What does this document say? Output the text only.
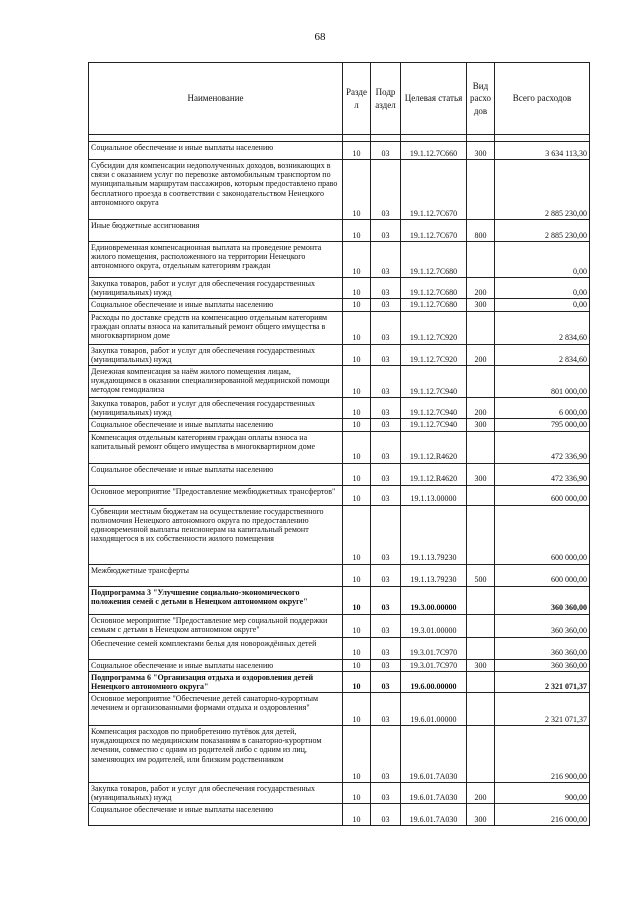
68
Наименование	Разде л	Подр аздел	Целевая статья	Вид расхо дов	Всего расходов

Социальное обеспечение и иные выплаты населению	10	03	19.1.12.7С660	300	3 634 113,30
Субсидии для компенсации недополученных доходов, возникающих в связи с оказанием услуг по перевозке автомобильным транспортом по муниципальным маршрутам пассажиров, которым предоставлено право бесплатного проезда в соответствии с законодательством Ненецкого автономного округа	10	03	19.1.12.7С670		2 885 230,00
Иные бюджетные ассигнования	10	03	19.1.12.7С670	800	2 885 230,00
Единовременная компенсационная выплата на проведение ремонта жилого помещения, расположенного на территории Ненецкого автономного округа, отдельным категориям граждан	10	03	19.1.12.7С680		0,00
Закупка товаров, работ и услуг для обеспечения государственных (муниципальных) нужд	10	03	19.1.12.7С680	200	0,00
Социальное обеспечение и иные выплаты населению	10	03	19.1.12.7С680	300	0,00
Расходы по доставке средств на компенсацию отдельным категориям граждан оплаты взноса на капитальный ремонт общего имущества в многоквартирном доме	10	03	19.1.12.7С920		2 834,60
Закупка товаров, работ и услуг для обеспечения государственных (муниципальных) нужд	10	03	19.1.12.7С920	200	2 834,60
Денежная компенсация за наём жилого помещения лицам, нуждающимся в оказании специализированной медицинской помощи методом гемодиализа	10	03	19.1.12.7С940		801 000,00
Закупка товаров, работ и услуг для обеспечения государственных (муниципальных) нужд	10	03	19.1.12.7С940	200	6 000,00
Социальное обеспечение и иные выплаты населению	10	03	19.1.12.7С940	300	795 000,00
Компенсация отдельным категориям граждан оплаты взноса на капитальный ремонт общего имущества в многоквартирном доме	10	03	19.1.12.R4620		472 336,90
Социальное обеспечение и иные выплаты населению	10	03	19.1.12.R4620	300	472 336,90
Основное мероприятие "Предоставление межбюджетных трансфертов"	10	03	19.1.13.00000		600 000,00
Субвенции местным бюджетам на осуществление государственного полномочия Ненецкого автономного округа по предоставлению единовременной выплаты пенсионерам на капитальный ремонт находящегося в их собственности жилого помещения	10	03	19.1.13.79230		600 000,00
Межбюджетные трансферты	10	03	19.1.13.79230	500	600 000,00
Подпрограмма 3 "Улучшение социально-экономического положения семей с детьми в Ненецком автономном округе"	10	03	19.3.00.00000		360 360,00
Основное мероприятие "Предоставление мер социальной поддержки семьям с детьми в Ненецком автономном округе"	10	03	19.3.01.00000		360 360,00
Обеспечение семей комплектами белья для новорождённых детей	10	03	19.3.01.7С970		360 360,00
Социальное обеспечение и иные выплаты населению	10	03	19.3.01.7С970	300	360 360,00
Подпрограмма 6 "Организация отдыха и оздоровления детей Ненецкого автономного округа"	10	03	19.6.00.00000		2 321 071,37
Основное мероприятие "Обеспечение детей санаторно-курортным лечением и организованными формами отдыха и оздоровления"	10	03	19.6.01.00000		2 321 071,37
Компенсация расходов по приобретению путёвок для детей, нуждающихся по медицинским показаниям в санаторно-курортном лечении, совместно с одним из родителей либо с одним из лиц, заменяющих им родителей, или близким родственником	10	03	19.6.01.7А030		216 900,00
Закупка товаров, работ и услуг для обеспечения государственных (муниципальных) нужд	10	03	19.6.01.7А030	200	900,00
Социальное обеспечение и иные выплаты населению	10	03	19.6.01.7А030	300	216 000,00
